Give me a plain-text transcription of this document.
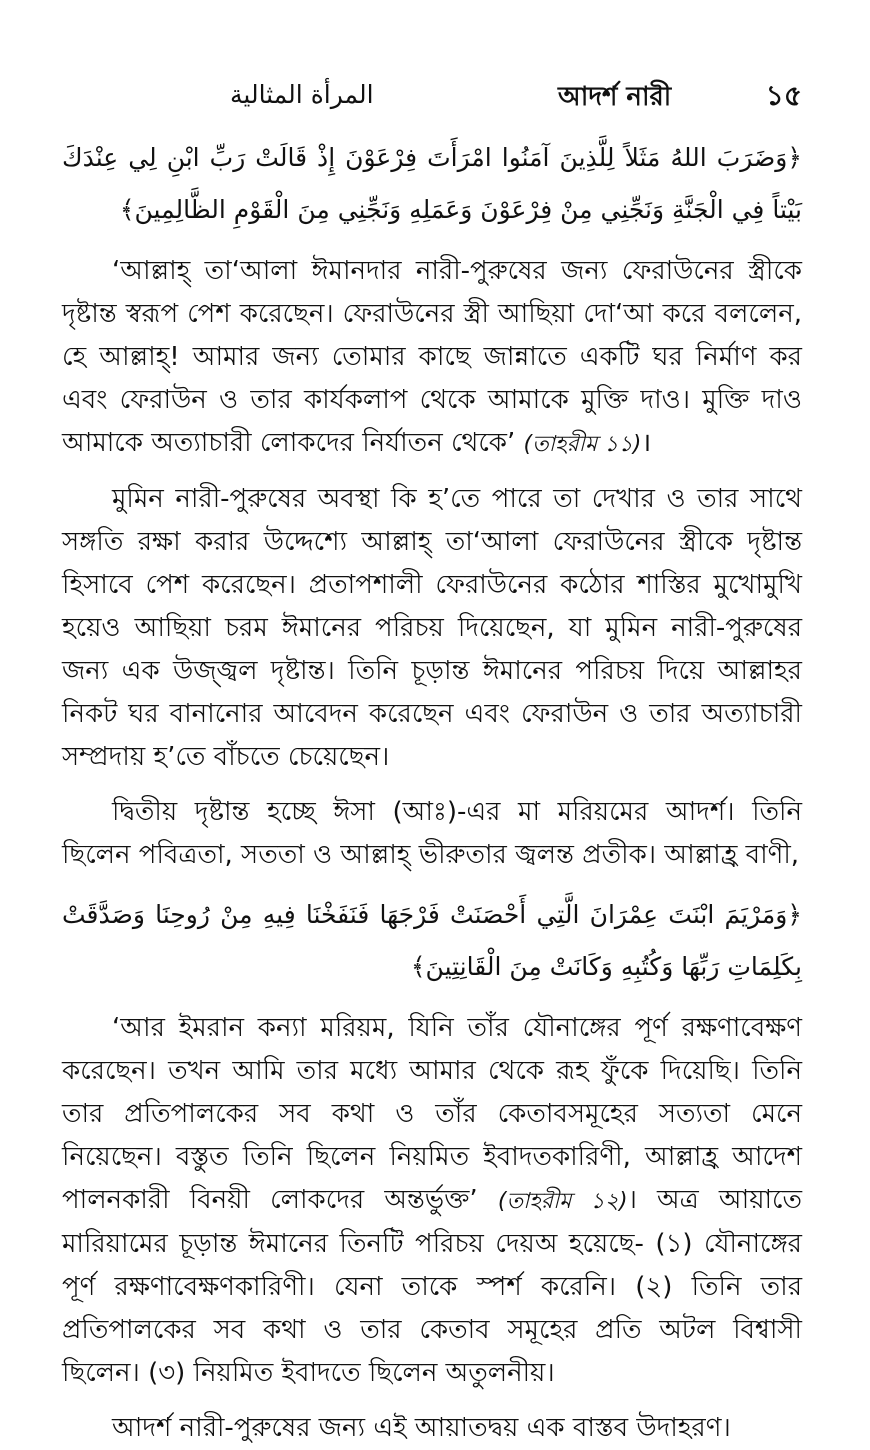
المرأة المثالية	আদর্শ নারী	১৫

﴿وَضَرَبَ اللهُ مَثَلاً لِلَّذِينَ آمَنُوا امْرَأَتَ فِرْعَوْنَ إِذْ قَالَتْ رَبِّ ابْنِ لِي عِنْدَكَ بَيْتاً فِي الْجَنَّةِ وَنَجِّنِي مِنْ فِرْعَوْنَ وَعَمَلِهِ وَنَجِّنِي مِنَ الْقَوْمِ الظَّالِمِينَ﴾

‘আল্লাহ্ তা‘আলা ঈমানদার নারী-পুরুষের জন্য ফেরাউনের স্ত্রীকে দৃষ্টান্ত স্বরূপ পেশ করেছেন। ফেরাউনের স্ত্রী আছিয়া দো‘আ করে বললেন, হে আল্লাহ্! আমার জন্য তোমার কাছে জান্নাতে একটি ঘর নির্মাণ কর এবং ফেরাউন ও তার কার্যকলাপ থেকে আমাকে মুক্তি দাও। মুক্তি দাও আমাকে অত্যাচারী লোকদের নির্যাতন থেকে’ (তাহরীম ১১)।

মুমিন নারী-পুরুষের অবস্থা কি হ’তে পারে তা দেখার ও তার সাথে সঙ্গতি রক্ষা করার উদ্দেশ্যে আল্লাহ্ তা‘আলা ফেরাউনের স্ত্রীকে দৃষ্টান্ত হিসাবে পেশ করেছেন। প্রতাপশালী ফেরাউনের কঠোর শাস্তির মুখোমুখি হয়েও আছিয়া চরম ঈমানের পরিচয় দিয়েছেন, যা মুমিন নারী-পুরুষের জন্য এক উজ্জ্বল দৃষ্টান্ত। তিনি চূড়ান্ত ঈমানের পরিচয় দিয়ে আল্লাহর নিকট ঘর বানানোর আবেদন করেছেন এবং ফেরাউন ও তার অত্যাচারী সম্প্রদায় হ’তে বাঁচতে চেয়েছেন।

দ্বিতীয় দৃষ্টান্ত হচ্ছে ঈসা (আঃ)-এর মা মরিয়মের আদর্শ। তিনি ছিলেন পবিত্রতা, সততা ও আল্লাহ্ ভীরুতার জ্বলন্ত প্রতীক। আল্লাহ্র বাণী,

﴿وَمَرْيَمَ ابْنَتَ عِمْرَانَ الَّتِي أَحْصَنَتْ فَرْجَهَا فَنَفَخْنَا فِيهِ مِنْ رُوحِنَا وَصَدَّقَتْ بِكَلِمَاتِ رَبِّهَا وَكُتُبِهِ وَكَانَتْ مِنَ الْقَانِتِينَ﴾

‘আর ইমরান কন্যা মরিয়ম, যিনি তাঁর যৌনাঙ্গের পূর্ণ রক্ষণাবেক্ষণ করেছেন। তখন আমি তার মধ্যে আমার থেকে রূহ ফুঁকে দিয়েছি। তিনি তার প্রতিপালকের সব কথা ও তাঁর কেতাবসমূহের সত্যতা মেনে নিয়েছেন। বস্তুত তিনি ছিলেন নিয়মিত ইবাদতকারিণী, আল্লাহ্র আদেশ পালনকারী বিনয়ী লোকদের অন্তর্ভুক্ত’ (তাহরীম ১২)। অত্র আয়াতে মারিয়ামের চূড়ান্ত ঈমানের তিনটি পরিচয় দেয়অ হয়েছে- (১) যৌনাঙ্গের পূর্ণ রক্ষণাবেক্ষণকারিণী। যেনা তাকে স্পর্শ করেনি। (২) তিনি তার প্রতিপালকের সব কথা ও তার কেতাব সমূহের প্রতি অটল বিশ্বাসী ছিলেন। (৩) নিয়মিত ইবাদতে ছিলেন অতুলনীয়।

আদর্শ নারী-পুরুষের জন্য এই আয়াতদ্বয় এক বাস্তব উদাহরণ।
